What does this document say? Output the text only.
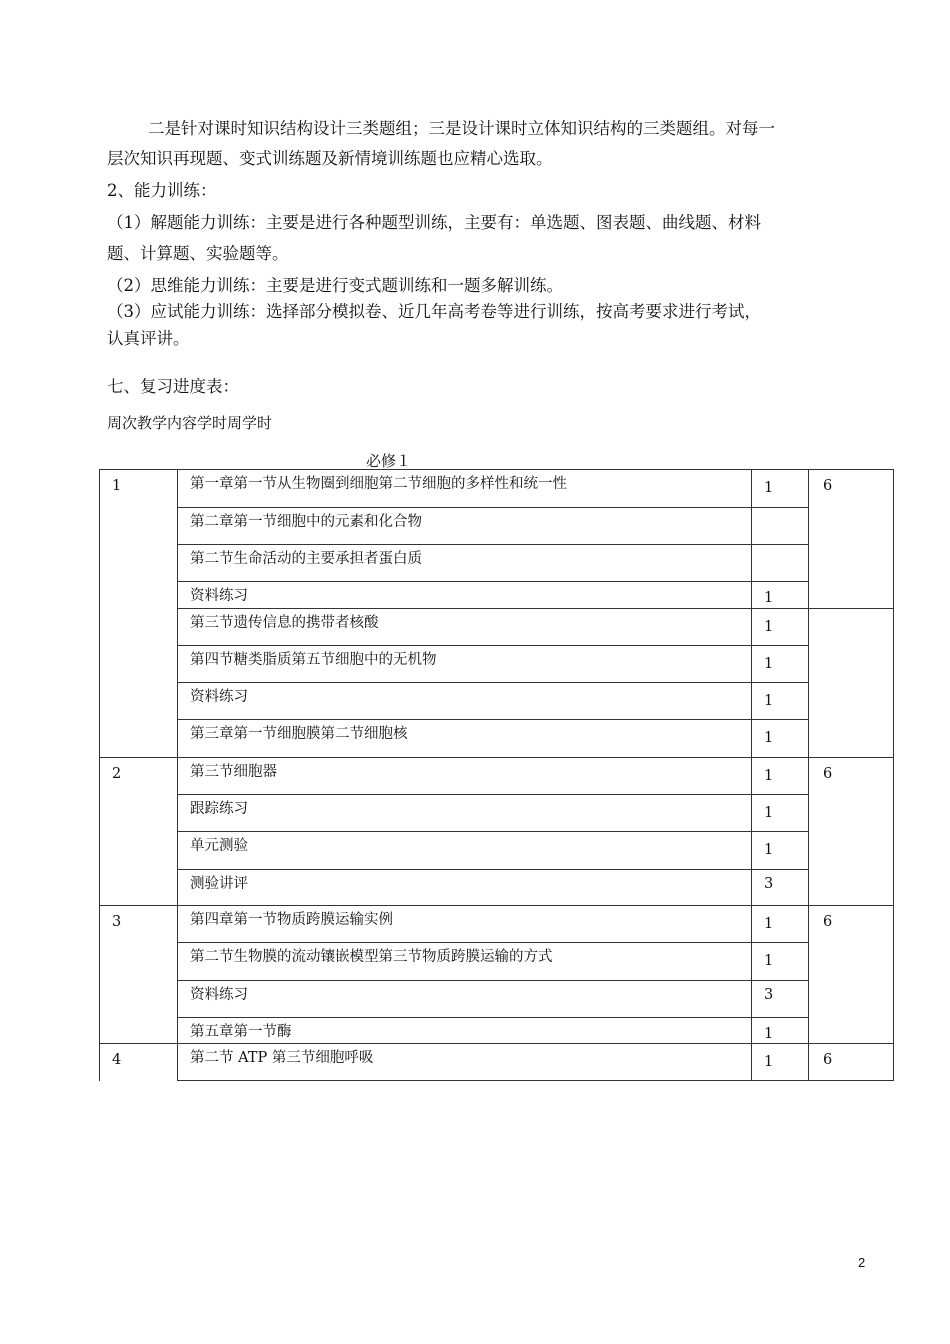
二是针对课时知识结构设计三类题组；三是设计课时立体知识结构的三类题组。对每一
层次知识再现题、变式训练题及新情境训练题也应精心选取。
2、能力训练：
（1）解题能力训练：主要是进行各种题型训练，主要有：单选题、图表题、曲线题、材料
题、计算题、实验题等。
（2）思维能力训练：主要是进行变式题训练和一题多解训练。
（3）应试能力训练：选择部分模拟卷、近几年高考卷等进行训练，按高考要求进行考试，
认真评讲。
七、复习进度表：
周次教学内容学时周学时
必修１
1	第一章第一节从生物圈到细胞第二节细胞的多样性和统一性	1	6
	第二章第一节细胞中的元素和化合物		
	第二节生命活动的主要承担者蛋白质		
	资料练习	1	
	第三节遗传信息的携带者核酸	1	
	第四节糖类脂质第五节细胞中的无机物	1	
	资料练习	1	
	第三章第一节细胞膜第二节细胞核	1	
2	第三节细胞器	1	6
	跟踪练习	1	
	单元测验	1	
	测验讲评	3	
3	第四章第一节物质跨膜运输实例	1	6
	第二节生物膜的流动镶嵌模型第三节物质跨膜运输的方式	1	
	资料练习	3	
	第五章第一节酶	1	
4	第二节 ATP 第三节细胞呼吸	1	6
2
